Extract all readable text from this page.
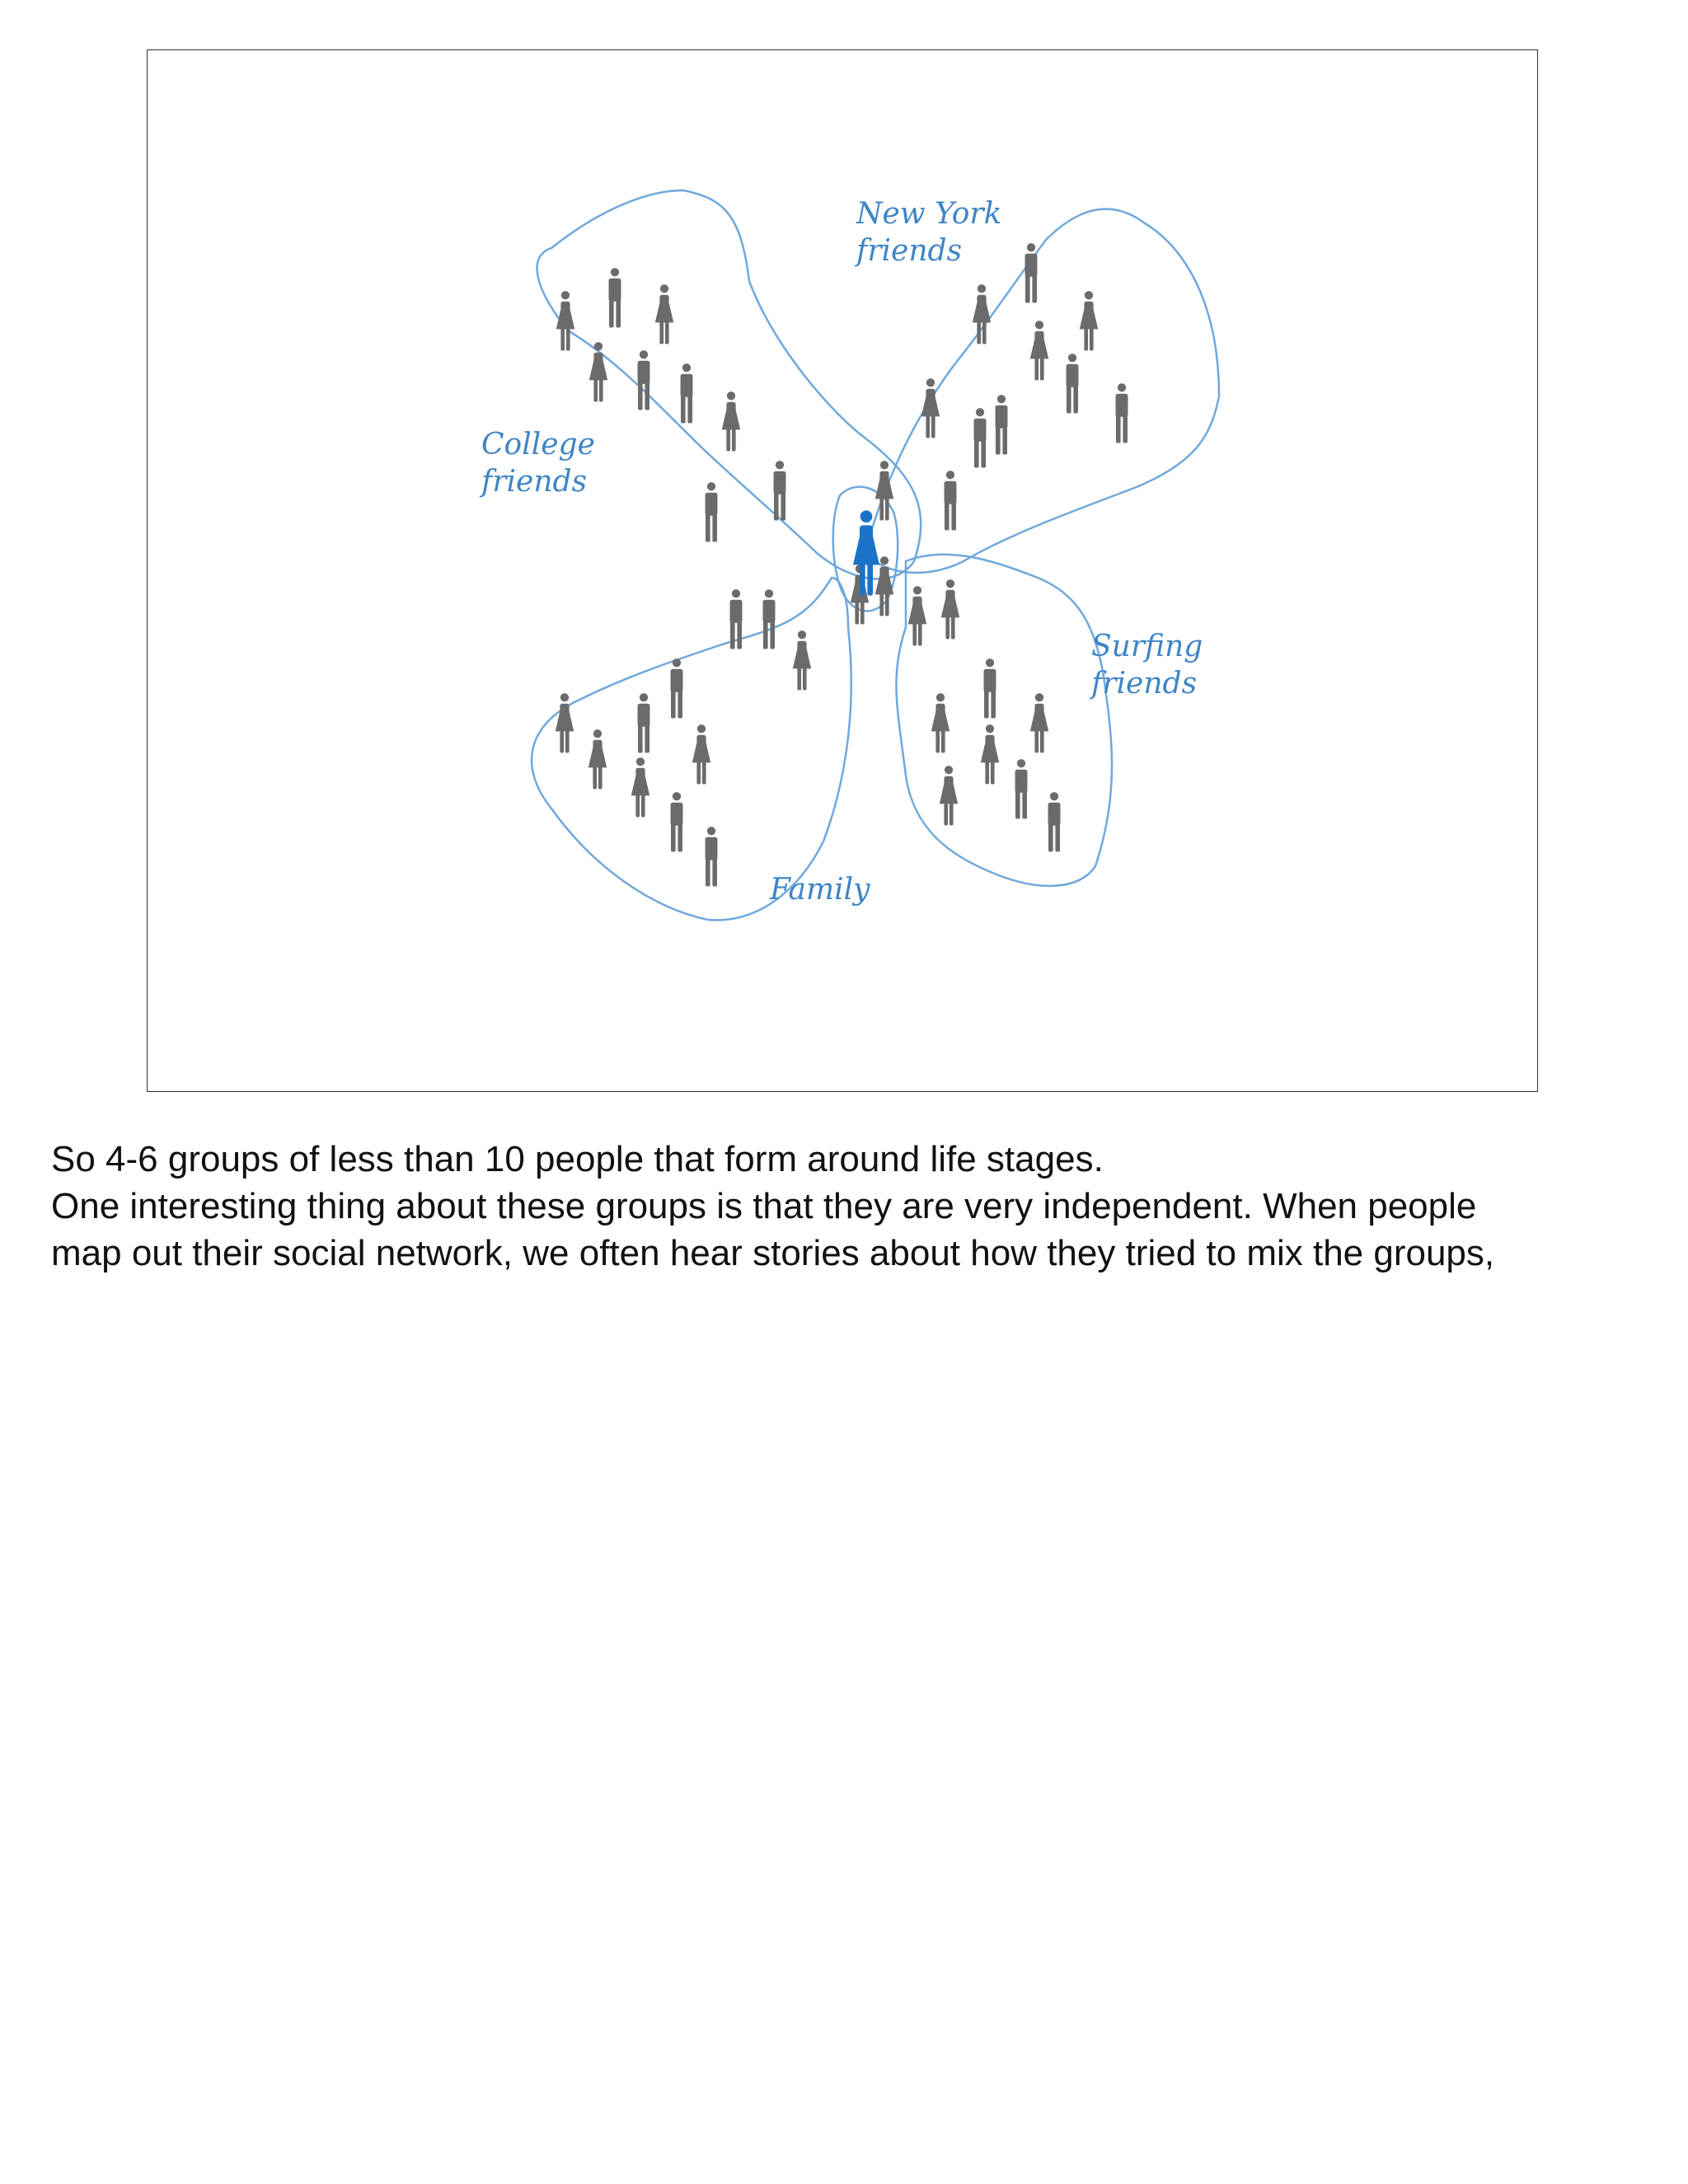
College
friends
New York
friends
Surfing
friends
Family

So 4-6 groups of less than 10 people that form around life stages.

One interesting thing about these groups is that they are very independent. When people

map out their social network, we often hear stories about how they tried to mix the groups,
